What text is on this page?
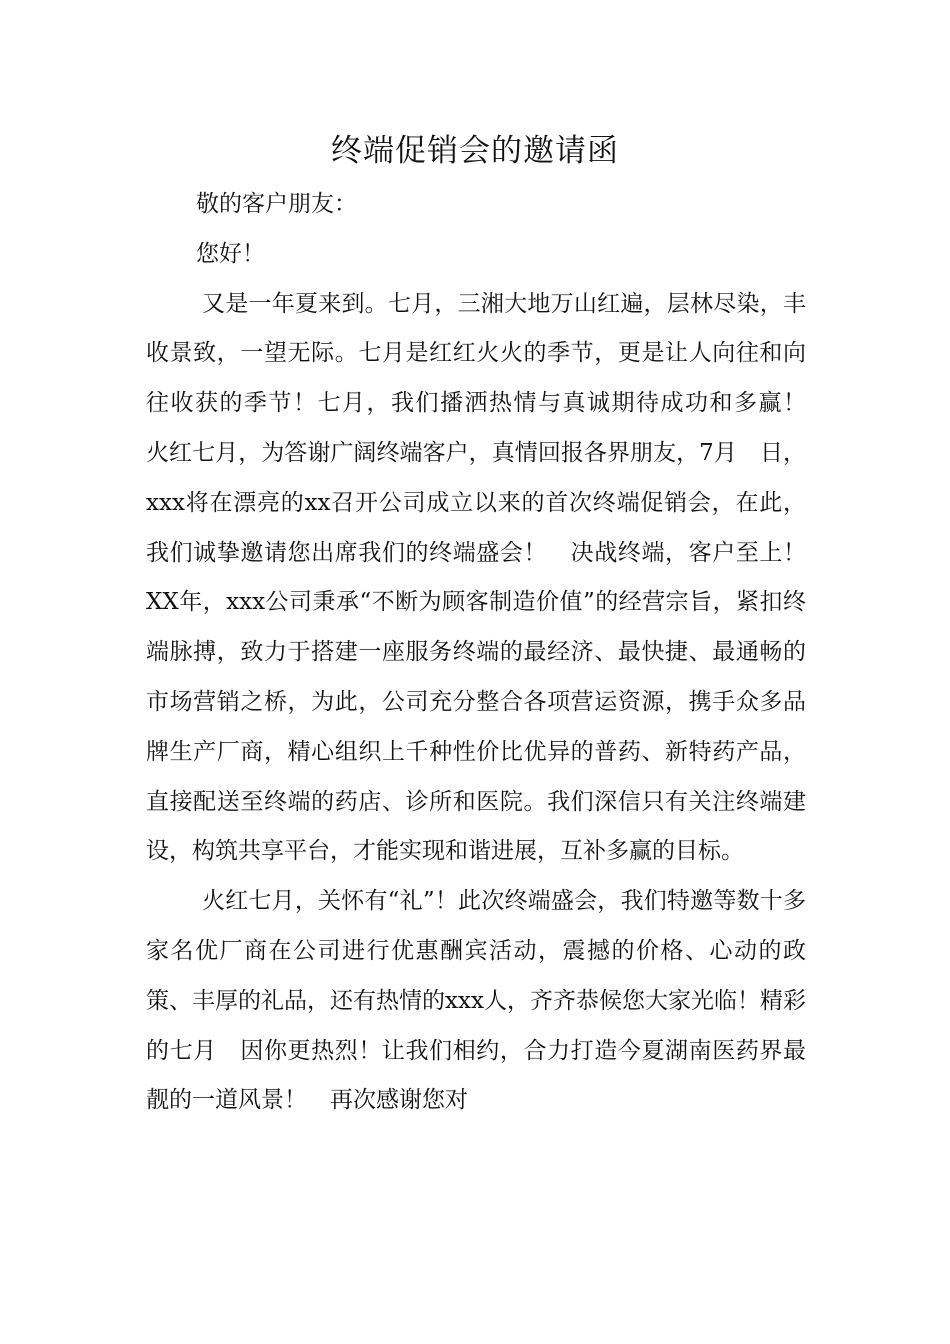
终端促销会的邀请函

敬的客户朋友：

您好！

又是一年夏来到。七月，三湘大地万山红遍，层林尽染，丰收景致，一望无际。七月是红红火火的季节，更是让人向往和向往收获的季节！七月，我们播洒热情与真诚期待成功和多赢！　火红七月，为答谢广阔终端客户，真情回报各界朋友，7月　日，xxx将在漂亮的xx召开公司成立以来的首次终端促销会，在此，我们诚挚邀请您出席我们的终端盛会！　决战终端，客户至上！XX年，xxx公司秉承“不断为顾客制造价值”的经营宗旨，紧扣终端脉搏，致力于搭建一座服务终端的最经济、最快捷、最通畅的市场营销之桥，为此，公司充分整合各项营运资源，携手众多品牌生产厂商，精心组织上千种性价比优异的普药、新特药产品，直接配送至终端的药店、诊所和医院。我们深信只有关注终端建设，构筑共享平台，才能实现和谐进展，互补多赢的目标。

火红七月，关怀有“礼”！此次终端盛会，我们特邀等数十多家名优厂商在公司进行优惠酬宾活动，震撼的价格、心动的政策、丰厚的礼品，还有热情的xxx人，齐齐恭候您大家光临！精彩的七月　因你更热烈！让我们相约，合力打造今夏湖南医药界最靓的一道风景！　再次感谢您对
